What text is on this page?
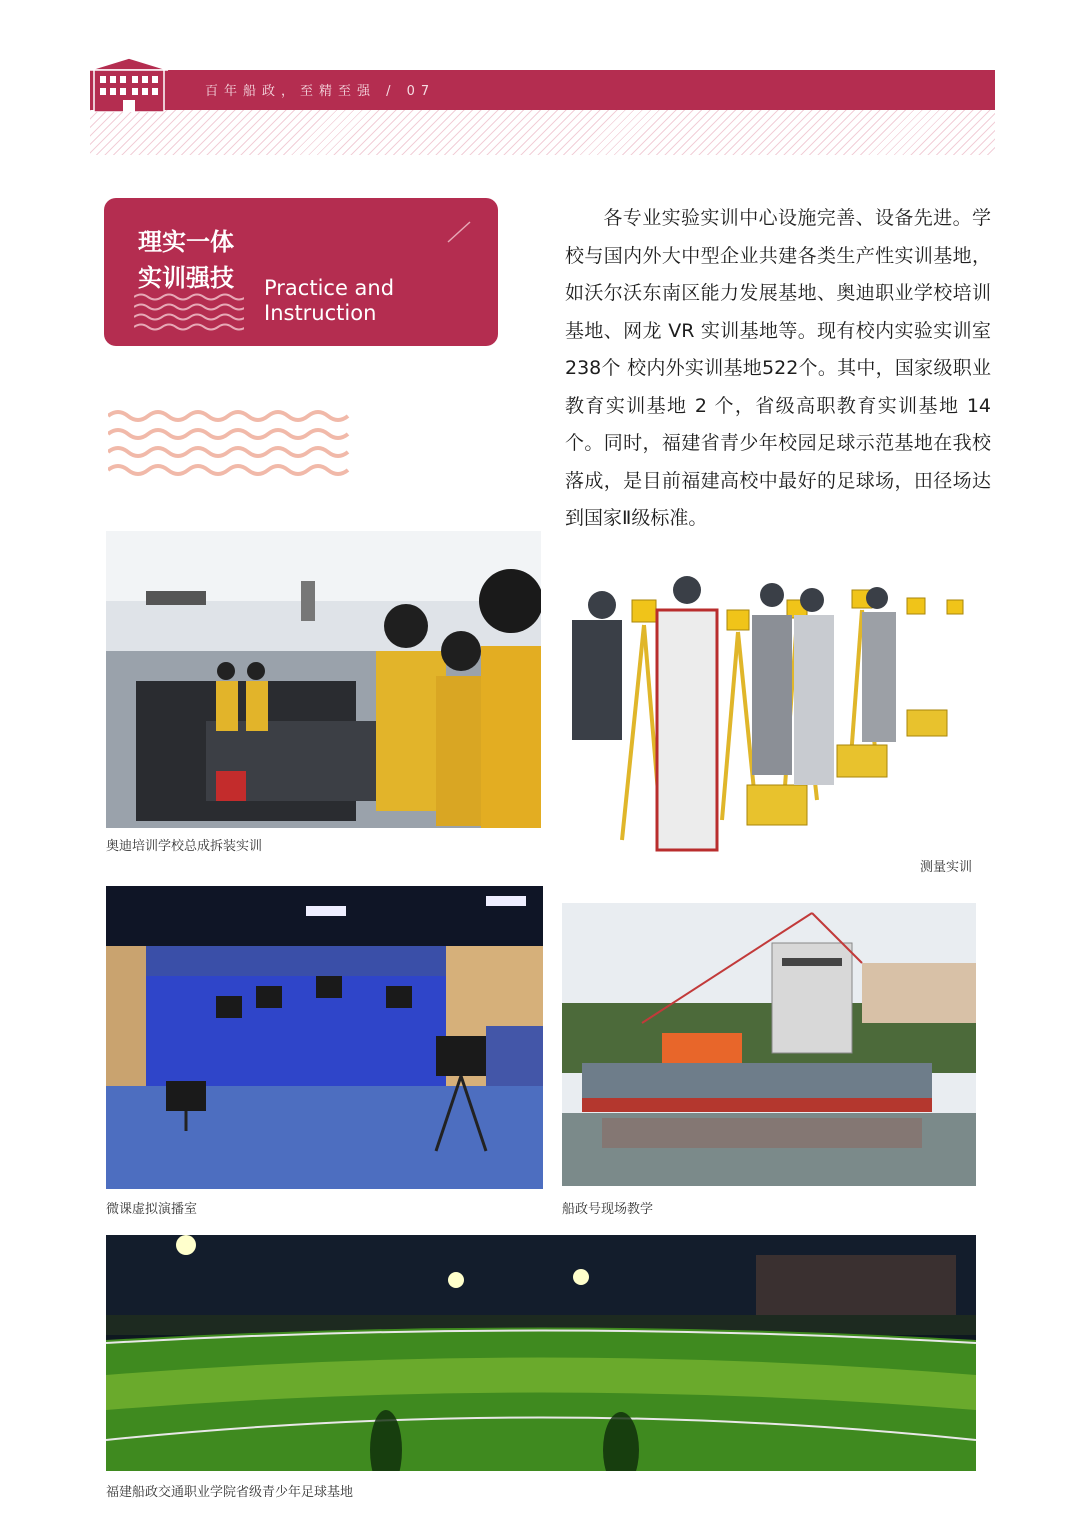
百年船政，至精至强 / 07
理实一体
实训强技 Practice and
Instruction
各专业实验实训中心设施完善、设备先进。学校与国内外大中型企业共建各类生产性实训基地，如沃尔沃东南区能力发展基地、奥迪职业学校培训基地、网龙 VR 实训基地等。现有校内实验实训室238个 校内外实训基地522个。其中，国家级职业教育实训基地 2 个，省级高职教育实训基地 14 个。同时，福建省青少年校园足球示范基地在我校落成，是目前福建高校中最好的足球场，田径场达到国家Ⅱ级标准。
奥迪培训学校总成拆装实训
测量实训
微课虚拟演播室	船政号现场教学
福建船政交通职业学院省级青少年足球基地
